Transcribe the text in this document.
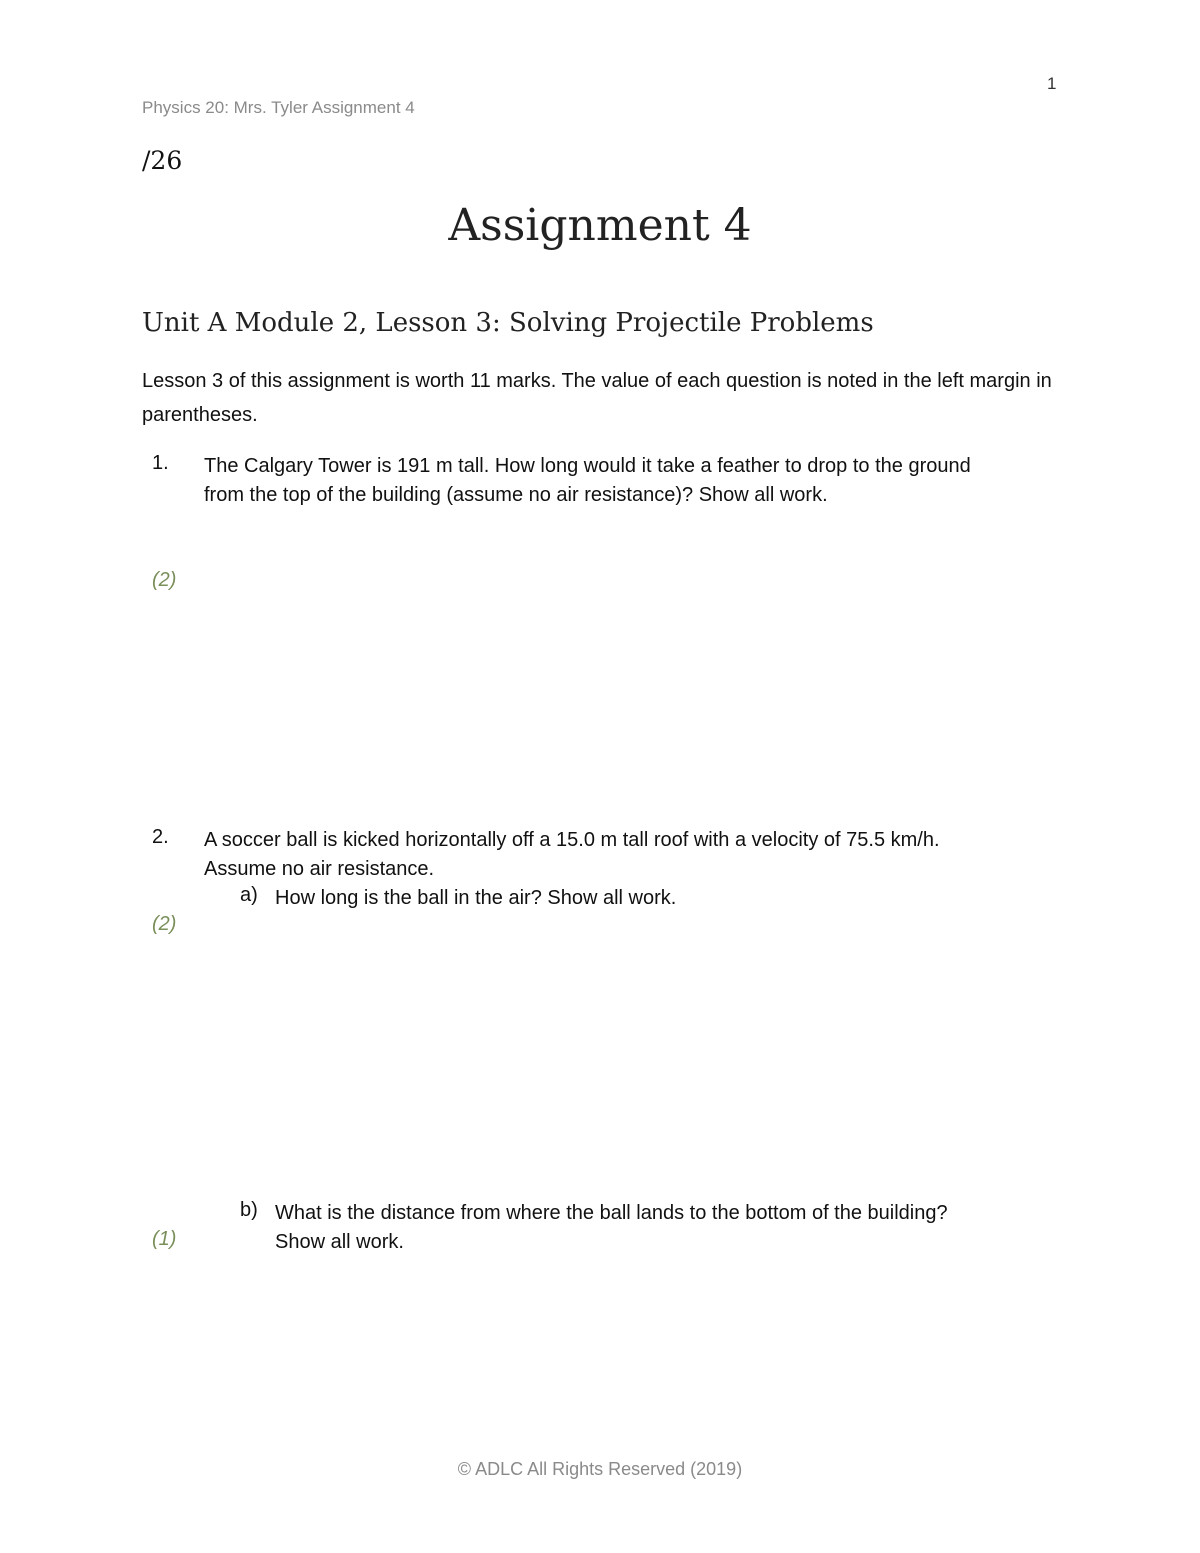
1
Physics 20: Mrs. Tyler Assignment 4
/26
Assignment 4
Unit A Module 2, Lesson 3: Solving Projectile Problems
Lesson 3 of this assignment is worth 11 marks. The value of each question is noted in the left margin in parentheses.
1. The Calgary Tower is 191 m tall. How long would it take a feather to drop to the ground from the top of the building (assume no air resistance)? Show all work.
(2)
2. A soccer ball is kicked horizontally off a 15.0 m tall roof with a velocity of 75.5 km/h. Assume no air resistance.
a) How long is the ball in the air? Show all work.
(2)
b) What is the distance from where the ball lands to the bottom of the building? Show all work.
(1)
© ADLC All Rights Reserved (2019)
